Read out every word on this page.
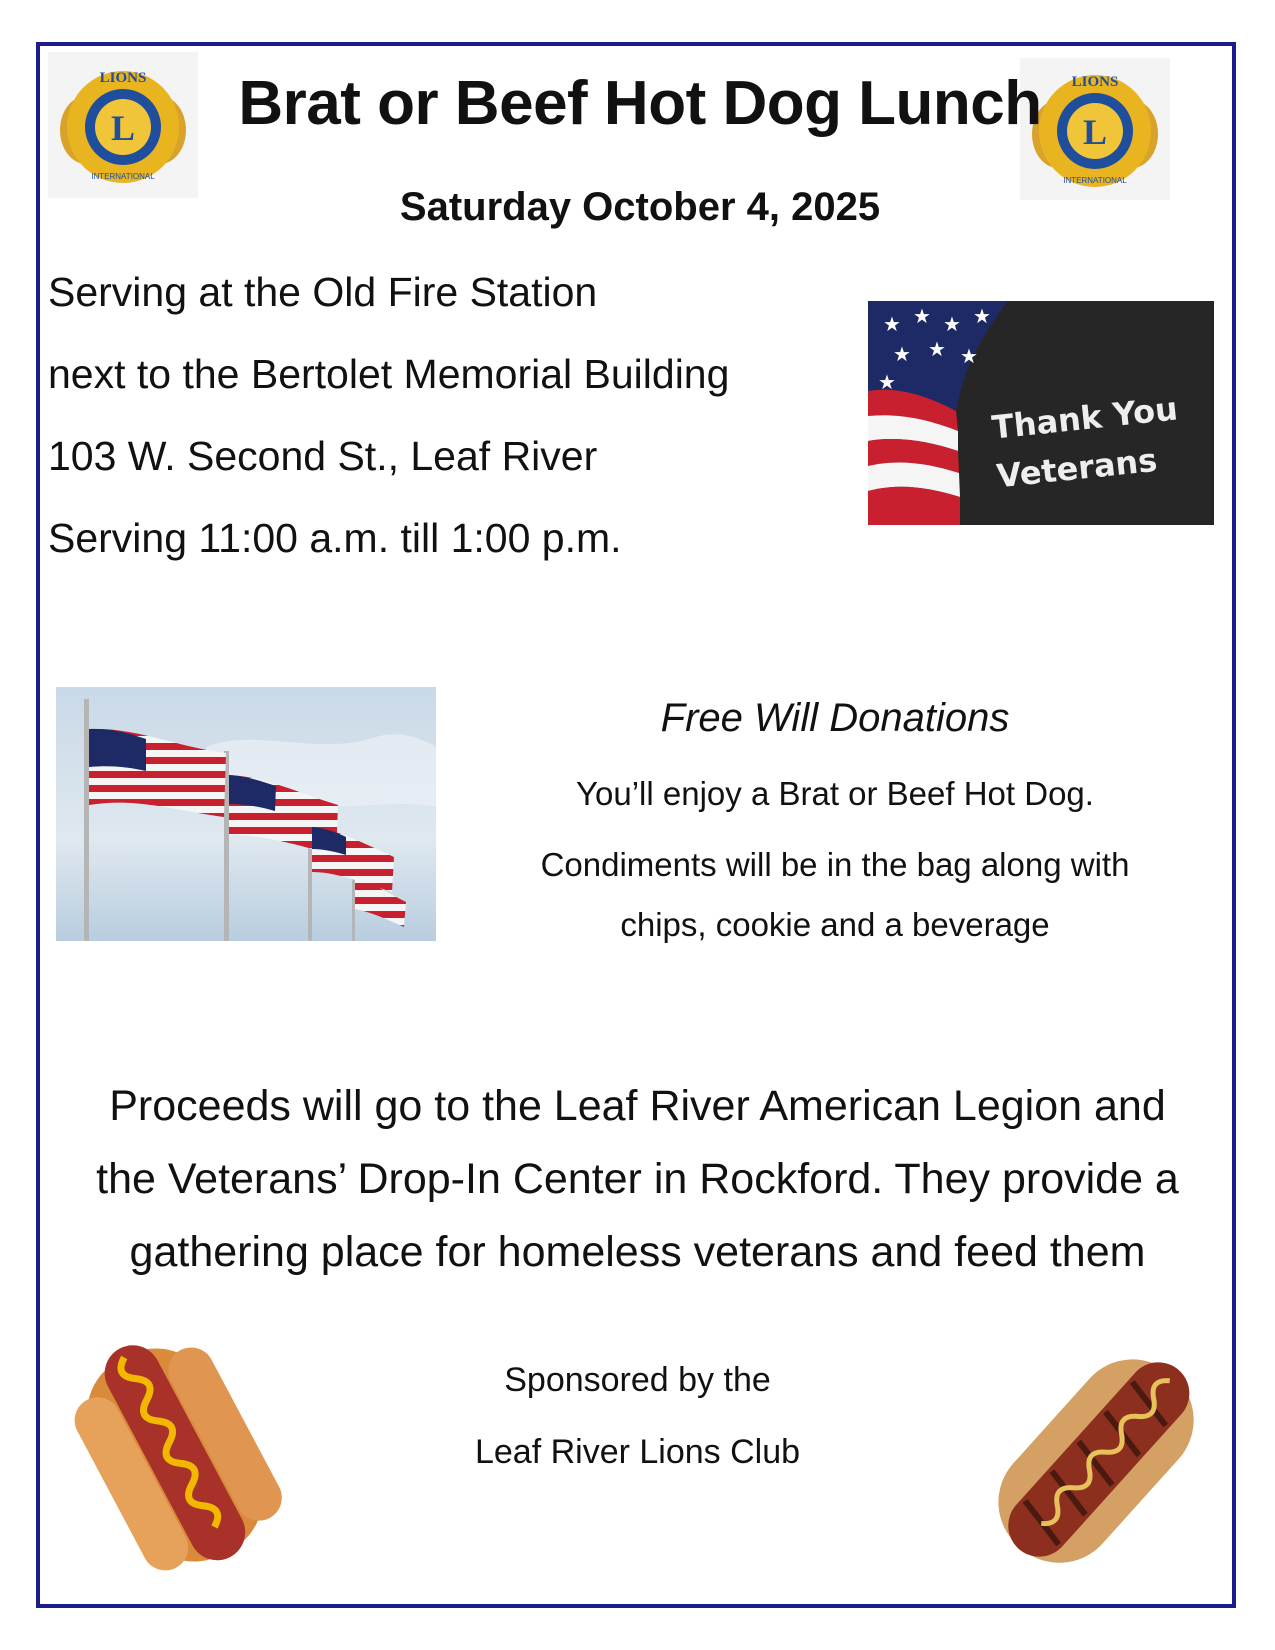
L
LIONS
INTERNATIONAL
L
LIONS
INTERNATIONAL
Brat or Beef Hot Dog Lunch
Saturday October 4, 2025
Serving at the Old Fire Station
next to the Bertolet Memorial Building
103 W. Second St., Leaf River
Serving 11:00 a.m. till 1:00 p.m.
★ ★ ★ ★
★ ★ ★
★
Thank You
Veterans
Free Will Donations
You’ll enjoy a Brat or Beef Hot Dog.
Condiments will be in the bag along with
chips, cookie and a beverage
Proceeds will go to the Leaf River American Legion and
the Veterans’ Drop-In Center in Rockford. They provide a
gathering place for homeless veterans and feed them
Sponsored by the
Leaf River Lions Club
